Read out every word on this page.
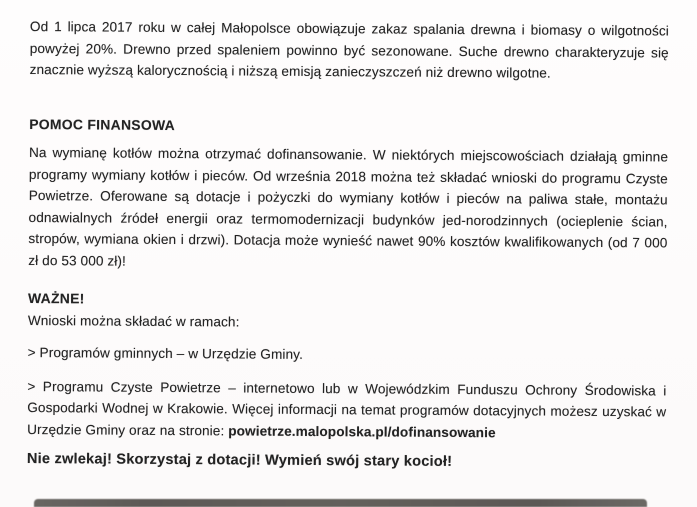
Od 1 lipca 2017 roku w całej Małopolsce obowiązuje zakaz spalania drewna i biomasy o wilgotności powyżej 20%. Drewno przed spaleniem powinno być sezonowane. Suche drewno charakteryzuje się znacznie wyższą kalorycznością i niższą emisją zanieczyszczeń niż drewno wilgotne.

POMOC FINANSOWA

Na wymianę kotłów można otrzymać dofinansowanie. W niektórych miejscowościach działają gminne programy wymiany kotłów i pieców. Od września 2018 można też składać wnioski do programu Czyste Powietrze. Oferowane są dotacje i pożyczki do wymiany kotłów i pieców na paliwa stałe, montażu odnawialnych źródeł energii oraz termomodernizacji budynków jed-norodzinnych (ocieplenie ścian, stropów, wymiana okien i drzwi). Dotacja może wynieść nawet 90% kosztów kwalifikowanych (od 7 000 zł do 53 000 zł)!

WAŻNE!

Wnioski można składać w ramach:

> Programów gminnych – w Urzędzie Gminy.

> Programu Czyste Powietrze – internetowo lub w Wojewódzkim Funduszu Ochrony Środowiska i Gospodarki Wodnej w Krakowie. Więcej informacji na temat programów dotacyjnych możesz uzyskać w Urzędzie Gminy oraz na stronie: powietrze.malopolska.pl/dofinansowanie

Nie zwlekaj! Skorzystaj z dotacji! Wymień swój stary kocioł!
